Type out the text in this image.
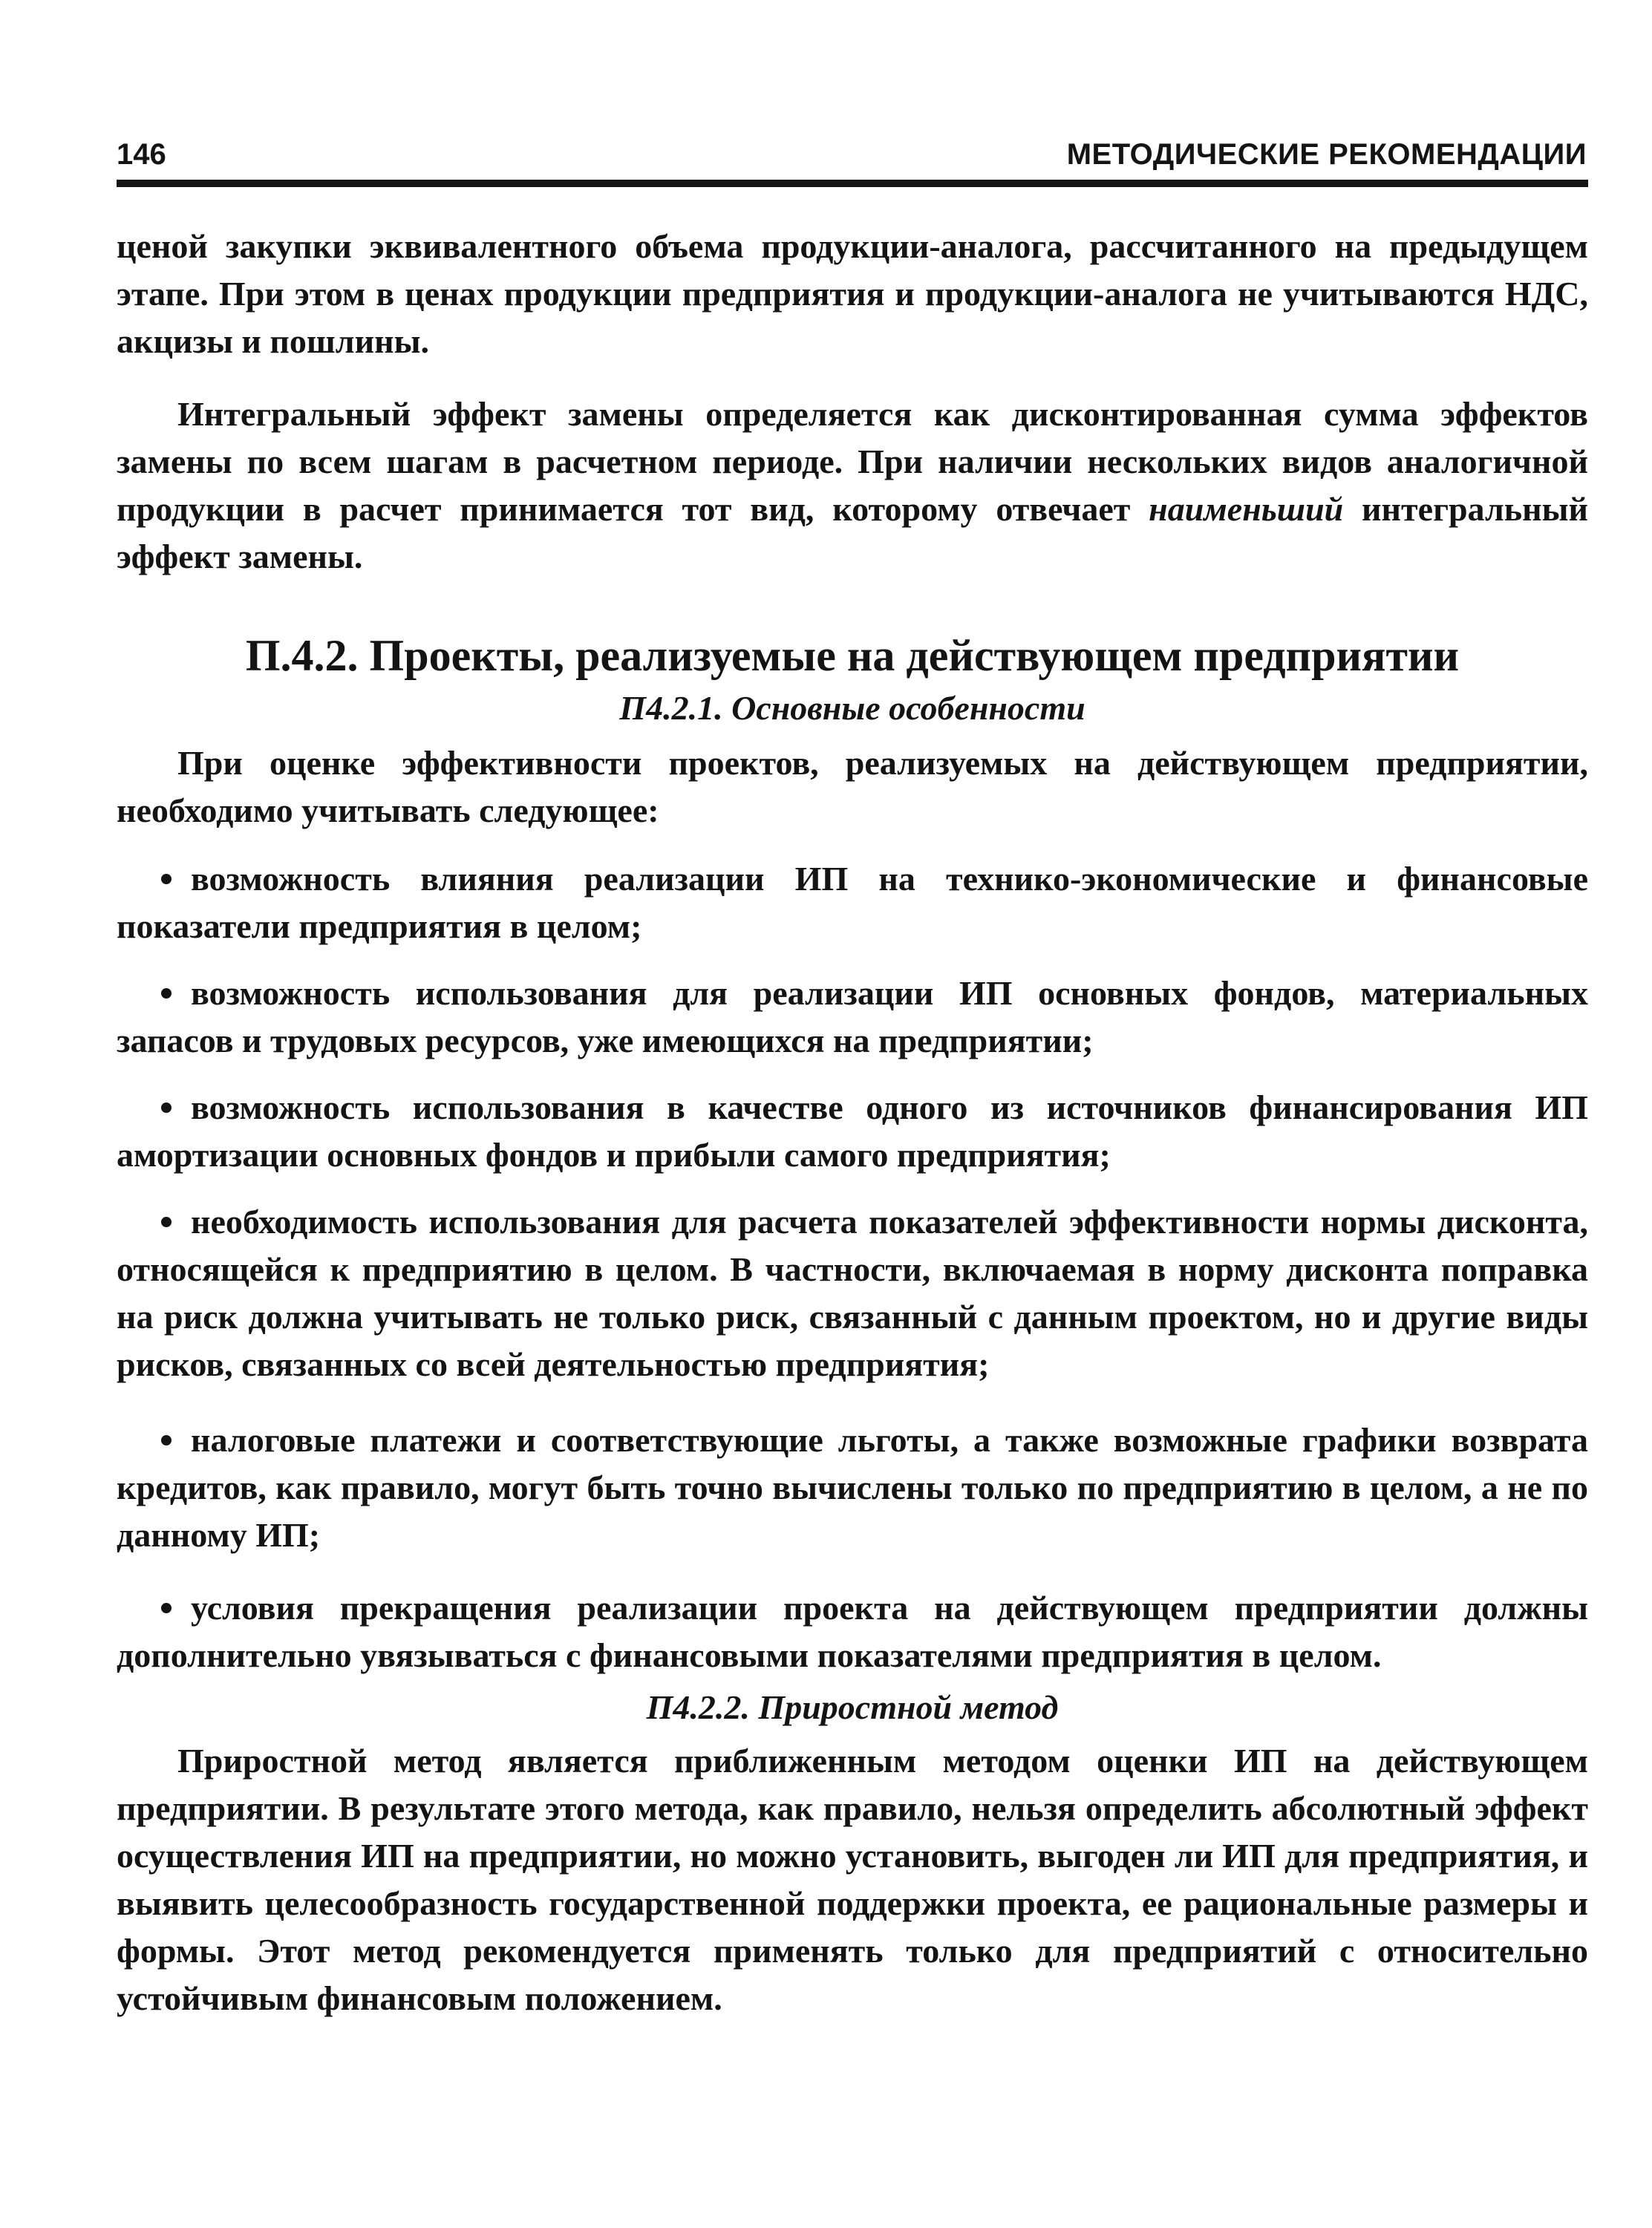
146	МЕТОДИЧЕСКИЕ РЕКОМЕНДАЦИИ

ценой закупки эквивалентного объема продукции-аналога, рассчитанного на предыдущем этапе. При этом в ценах продукции предприятия и продукции-аналога не учитываются НДС, акцизы и пошлины.

Интегральный эффект замены определяется как дисконтированная сумма эффектов замены по всем шагам в расчетном периоде. При наличии нескольких видов аналогичной продукции в расчет принимается тот вид, которому отвечает наименьший интегральный эффект замены.

П.4.2. Проекты, реализуемые на действующем предприятии
П4.2.1. Основные особенности

При оценке эффективности проектов, реализуемых на действующем предприятии, необходимо учитывать следующее:

возможность влияния реализации ИП на технико-экономические и финансовые показатели предприятия в целом;
возможность использования для реализации ИП основных фондов, материальных запасов и трудовых ресурсов, уже имеющихся на предприятии;
возможность использования в качестве одного из источников финансирования ИП амортизации основных фондов и прибыли самого предприятия;
необходимость использования для расчета показателей эффективности нормы дисконта, относящейся к предприятию в целом. В частности, включаемая в норму дисконта поправка на риск должна учитывать не только риск, связанный с данным проектом, но и другие виды рисков, связанных со всей деятельностью предприятия;
налоговые платежи и соответствующие льготы, а также возможные графики возврата кредитов, как правило, могут быть точно вычислены только по предприятию в целом, а не по данному ИП;
условия прекращения реализации проекта на действующем предприятии должны дополнительно увязываться с финансовыми показателями предприятия в целом.
П4.2.2. Приростной метод

Приростной метод является приближенным методом оценки ИП на действующем предприятии. В результате этого метода, как правило, нельзя определить абсолютный эффект осуществления ИП на предприятии, но можно установить, выгоден ли ИП для предприятия, и выявить целесообразность государственной поддержки проекта, ее рациональные размеры и формы. Этот метод рекомендуется применять только для предприятий с относительно устойчивым финансовым положением.
